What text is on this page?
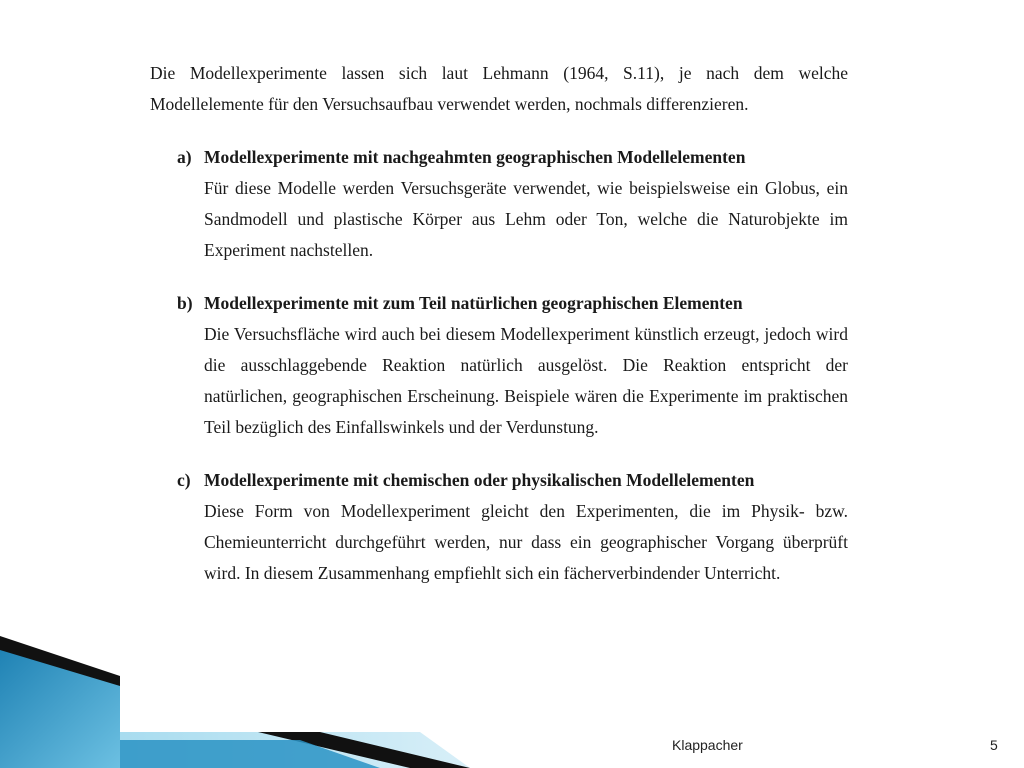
Die Modellexperimente lassen sich laut Lehmann (1964, S.11), je nach dem welche Modellelemente für den Versuchsaufbau verwendet werden, nochmals differenzieren.

a) Modellexperimente mit nachgeahmten geographischen Modellelementen

Für diese Modelle werden Versuchsgeräte verwendet, wie beispielsweise ein Globus, ein Sandmodell und plastische Körper aus Lehm oder Ton, welche die Naturobjekte im Experiment nachstellen.

b) Modellexperimente mit zum Teil natürlichen geographischen Elementen

Die Versuchsfläche wird auch bei diesem Modellexperiment künstlich erzeugt, jedoch wird die ausschlaggebende Reaktion natürlich ausgelöst. Die Reaktion entspricht der natürlichen, geographischen Erscheinung. Beispiele wären die Experimente im praktischen Teil bezüglich des Einfallswinkels und der Verdunstung.

c) Modellexperimente mit chemischen oder physikalischen Modellelementen

Diese Form von Modellexperiment gleicht den Experimenten, die im Physik- bzw. Chemieunterricht durchgeführt werden, nur dass ein geographischer Vorgang überprüft wird. In diesem Zusammenhang empfiehlt sich ein fächerverbindender Unterricht.

Klappacher	5
